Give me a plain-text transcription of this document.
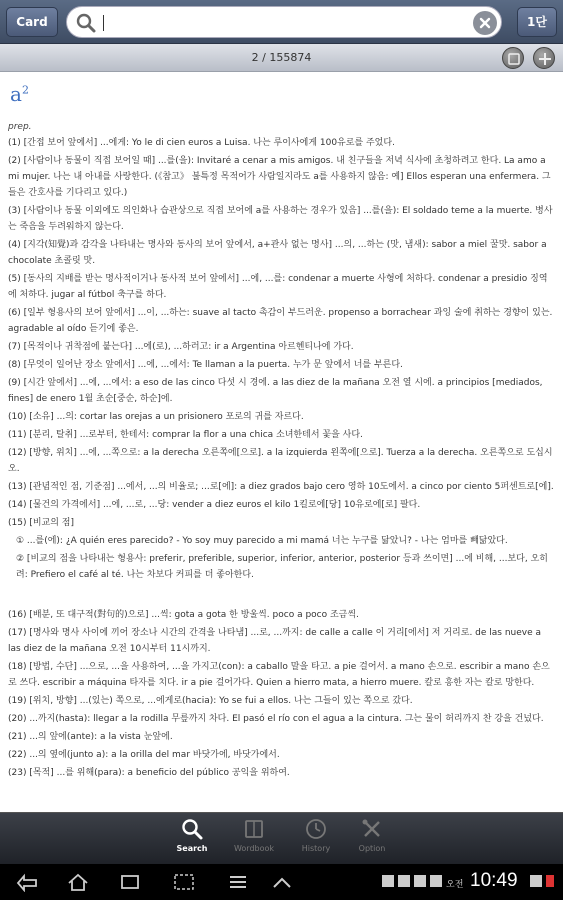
Card	1단
2 / 155874
$a^2$
prep.
(1) [간접 보어 앞에서] ...에게: Yo le di cien euros a Luisa. 나는 루이사에게 100유로를 주었다.
(2) [사람이나 동물이 직접 보어일 때] ...를(을): Invitaré a cenar a mis amigos. 내 친구들을 저녁 식사에 초청하려고 한다. La amo a mi mujer. 나는 내 아내를 사랑한다. (《참고》 불특정 목적어가 사람일지라도 a를 사용하지 않음: 예] Ellos esperan una enfermera. 그들은 간호사를 기다리고 있다.)
(3) [사람이나 동물 이외에도 의인화나 습관상으로 직접 보어에 a를 사용하는 경우가 있음] ...를(을): El soldado teme a la muerte. 병사는 죽음을 두려워하지 않는다.
(4) [지각(知覺)과 감각을 나타내는 명사와 동사의 보어 앞에서, a+관사 없는 명사] ...의, ...하는 (맛, 냄새): sabor a miel 꿀맛. sabor a chocolate 초콜릿 맛.
(5) [동사의 지배를 받는 명사적이거나 동사적 보어 앞에서] ...에, ...를: condenar a muerte 사형에 처하다. condenar a presidio 징역에 처하다. jugar al fútbol 축구를 하다.
(6) [일부 형용사의 보어 앞에서] ...이, ...하는: suave al tacto 촉감이 부드러운. propenso a borrachear 과잉 술에 취하는 경향이 있는. agradable al oído 듣기에 좋은.
(7) [목적이나 귀착점에 붙는다] ...에(로), ...하러고: ir a Argentina 아르헨티나에 가다.
(8) [무엇이 일어난 장소 앞에서] ...에, ...에서: Te llaman a la puerta. 누가 문 앞에서 너를 부른다.
(9) [시간 앞에서] ...에, ...에서: a eso de las cinco 다섯 시 경에. a las diez de la mañana 오전 열 시에. a principios [mediados, fines] de enero 1월 초순[중순, 하순]에.
(10) [소유] ...의: cortar las orejas a un prisionero 포로의 귀를 자르다.
(11) [분리, 탈취] ...로부터, 한테서: comprar la flor a una chica 소녀한테서 꽃을 사다.
(12) [방향, 위치] ...에, ...쪽으로: a la derecha 오른쪽에[으로]. a la izquierda 왼쪽에[으로]. Tuerza a la derecha. 오른쪽으로 도십시오.
(13) [관념적인 점, 기준점] ...에서, ...의 비율로; ...로[에]: a diez grados bajo cero 영하 10도에서. a cinco por ciento 5퍼센트로[에].
(14) [물건의 가격에서] ...에, ...로, ...당: vender a diez euros el kilo 1킬로에[당] 10유로에[로] 팔다.
(15) [비교의 점]
① ...를(에): ¿A quién eres parecido? - Yo soy muy parecido a mi mamá 너는 누구를 닮았니? - 나는 엄마를 빼닮았다.
② [비교의 점을 나타내는 형용사: preferir, preferible, superior, inferior, anterior, posterior 등과 쓰이면] ...에 비해, ...보다, 오히려: Prefiero el café al té. 나는 차보다 커피를 더 좋아한다.
(16) [배분, 또 대구적(對句的)으로] ...씩: gota a gota 한 방울씩. poco a poco 조금씩.
(17) [명사와 명사 사이에 끼어 장소나 시간의 간격을 나타냄] ...로, ...까지: de calle a calle 이 거리[에서] 저 거리로. de las nueve a las diez de la mañana 오전 10시부터 11시까지.
(18) [방법, 수단] ...으로, ...을 사용하여, ...을 가지고(con): a caballo 말을 타고. a pie 걸어서. a mano 손으로. escribir a mano 손으로 쓰다. escribir a máquina 타자를 치다. ir a pie 걸어가다. Quien a hierro mata, a hierro muere. 칼로 흥한 자는 칼로 망한다.
(19) [위치, 방향] ...(있는) 쪽으로, ...에게로(hacia): Yo se fui a ellos. 나는 그들이 있는 쪽으로 갔다.
(20) ...까지(hasta): llegar a la rodilla 무릎까지 차다. El pasó el río con el agua a la cintura. 그는 물이 허리까지 찬 강을 건넜다.
(21) ...의 앞에(ante): a la vista 눈앞에.
(22) ...의 옆에(junto a): a la orilla del mar 바닷가에, 바닷가에서.
(23) [목적] ...를 위해(para): a beneficio del público 공익을 위하여.
Search	Wordbook	History	Option
오전 10:49
